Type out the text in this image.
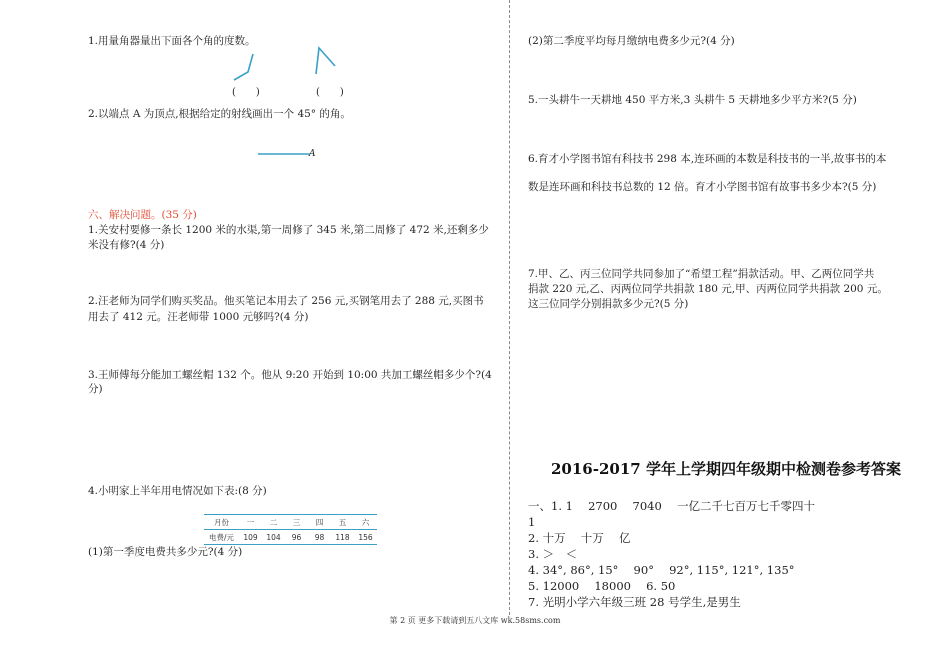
1.用量角器量出下面各个角的度数。
(　　)	(　　)
2.以端点 A 为顶点,根据给定的射线画出一个 45° 的角。
A
六、解决问题。(35 分)
1.关安村要修一条长 1200 米的水渠,第一周修了 345 米,第二周修了 472 米,还剩多少
米没有修?(4 分)
2.汪老师为同学们购买奖品。他买笔记本用去了 256 元,买钢笔用去了 288 元,买图书
用去了 412 元。汪老师带 1000 元够吗?(4 分)
3.王师傅每分能加工螺丝帽 132 个。他从 9:20 开始到 10:00 共加工螺丝帽多少个?(4
分)
4.小明家上半年用电情况如下表:(8 分)
月份	一	二	三	四	五	六
电费/元	109	104	96	98	118	156
(1)第一季度电费共多少元?(4 分)
(2)第二季度平均每月缴纳电费多少元?(4 分)
5.一头耕牛一天耕地 450 平方米,3 头耕牛 5 天耕地多少平方米?(5 分)
6.育才小学图书馆有科技书 298 本,连环画的本数是科技书的一半,故事书的本
数是连环画和科技书总数的 12 倍。育才小学图书馆有故事书多少本?(5 分)
7.甲、乙、丙三位同学共同参加了“希望工程”捐款活动。甲、乙两位同学共
捐款 220 元,乙、丙两位同学共捐款 180 元,甲、丙两位同学共捐款 200 元。
这三位同学分别捐款多少元?(5 分)
2016-2017 学年上学期四年级期中检测卷参考答案
一、1. 1　 2700　 7040　 一亿二千七百万七千零四十
1
2. 十万　 十万　 亿
3. ＞　＜
4. 34°, 86°, 15°　 90°　 92°, 115°, 121°, 135°
5. 12000　 18000　 6. 50
7. 光明小学六年级三班 28 号学生,是男生
第 2 页 更多下载请到五八文库 wk.58sms.com
